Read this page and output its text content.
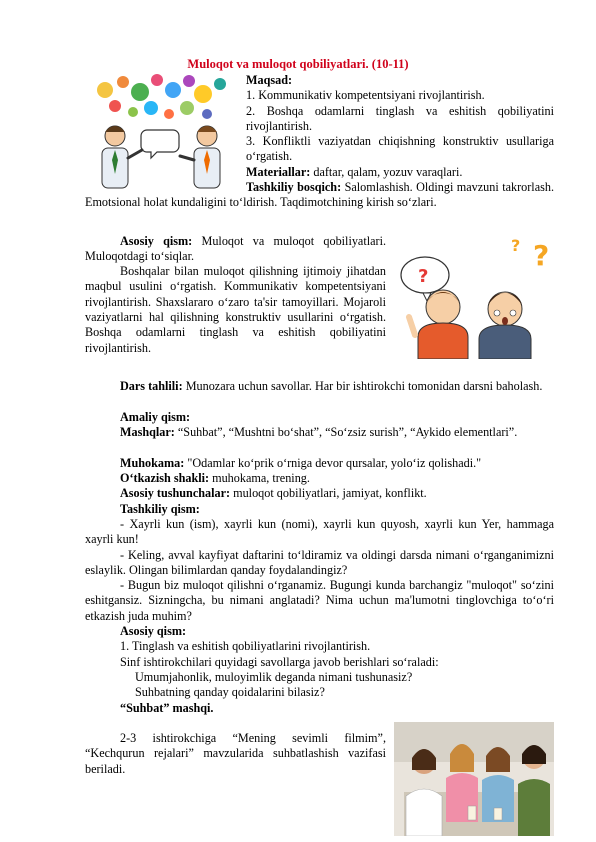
Muloqot va muloqot qobiliyatlari. (10-11)
Maqsad:
1. Kommunikativ kompetentsiyani rivojlantirish.
2. Boshqa odamlarni tinglash va eshitish qobiliyatini rivojlantirish.
3. Konfliktli vaziyatdan chiqishning konstruktiv usullariga o‘rgatish.
Materiallar: daftar, qalam, yozuv varaqlari.
Tashkiliy bosqich: Salomlashish. Oldingi mavzuni takrorlash. Emotsional holat kundaligini to‘ldirish. Taqdimotchining kirish so‘zlari.
?
?
?
Asosiy qism: Muloqot va muloqot qobiliyatlari. Muloqotdagi to‘siqlar.
Boshqalar bilan muloqot qilishning ijtimoiy jihatdan maqbul usulini o‘rgatish. Kommunikativ kompetentsiyani rivojlantirish. Shaxslararo o‘zaro ta'sir tamoyillari. Mojaroli vaziyatlarni hal qilishning konstruktiv usullarini o‘rgatish. Boshqa odamlarni tinglash va eshitish qobiliyatini rivojlantirish.
Dars tahlili: Munozara uchun savollar. Har bir ishtirokchi tomonidan darsni baholash.
Amaliy qism:
Mashqlar: “Suhbat”, “Mushtni bo‘shat”, “So‘zsiz surish”, “Aykido elementlari”.
Muhokama: "Odamlar ko‘prik o‘rniga devor qursalar, yolo‘iz qolishadi."
O‘tkazish shakli: muhokama, trening.
Asosiy tushunchalar: muloqot qobiliyatlari, jamiyat, konflikt.
Tashkiliy qism:
- Xayrli kun (ism), xayrli kun (nomi), xayrli kun quyosh, xayrli kun Yer, hammaga xayrli kun!
- Keling, avval kayfiyat daftarini to‘ldiramiz va oldingi darsda nimani o‘rganganimizni eslaylik. Olingan bilimlardan qanday foydalandingiz?
- Bugun biz muloqot qilishni o‘rganamiz. Bugungi kunda barchangiz "muloqot" so‘zini eshitgansiz. Sizningcha, bu nimani anglatadi? Nima uchun ma'lumotni tinglovchiga to‘o‘ri etkazish juda muhim?
Asosiy qism:
1. Tinglash va eshitish qobiliyatlarini rivojlantirish.
Sinf ishtirokchilari quyidagi savollarga javob berishlari so‘raladi:
Umumjahonlik, muloyimlik deganda nimani tushunasiz?
Suhbatning qanday qoidalarini bilasiz?
“Suhbat” mashqi.
2-3 ishtirokchiga “Mening sevimli filmim”, “Kechqurun rejalari” mavzularida suhbatlashish vazifasi beriladi.
